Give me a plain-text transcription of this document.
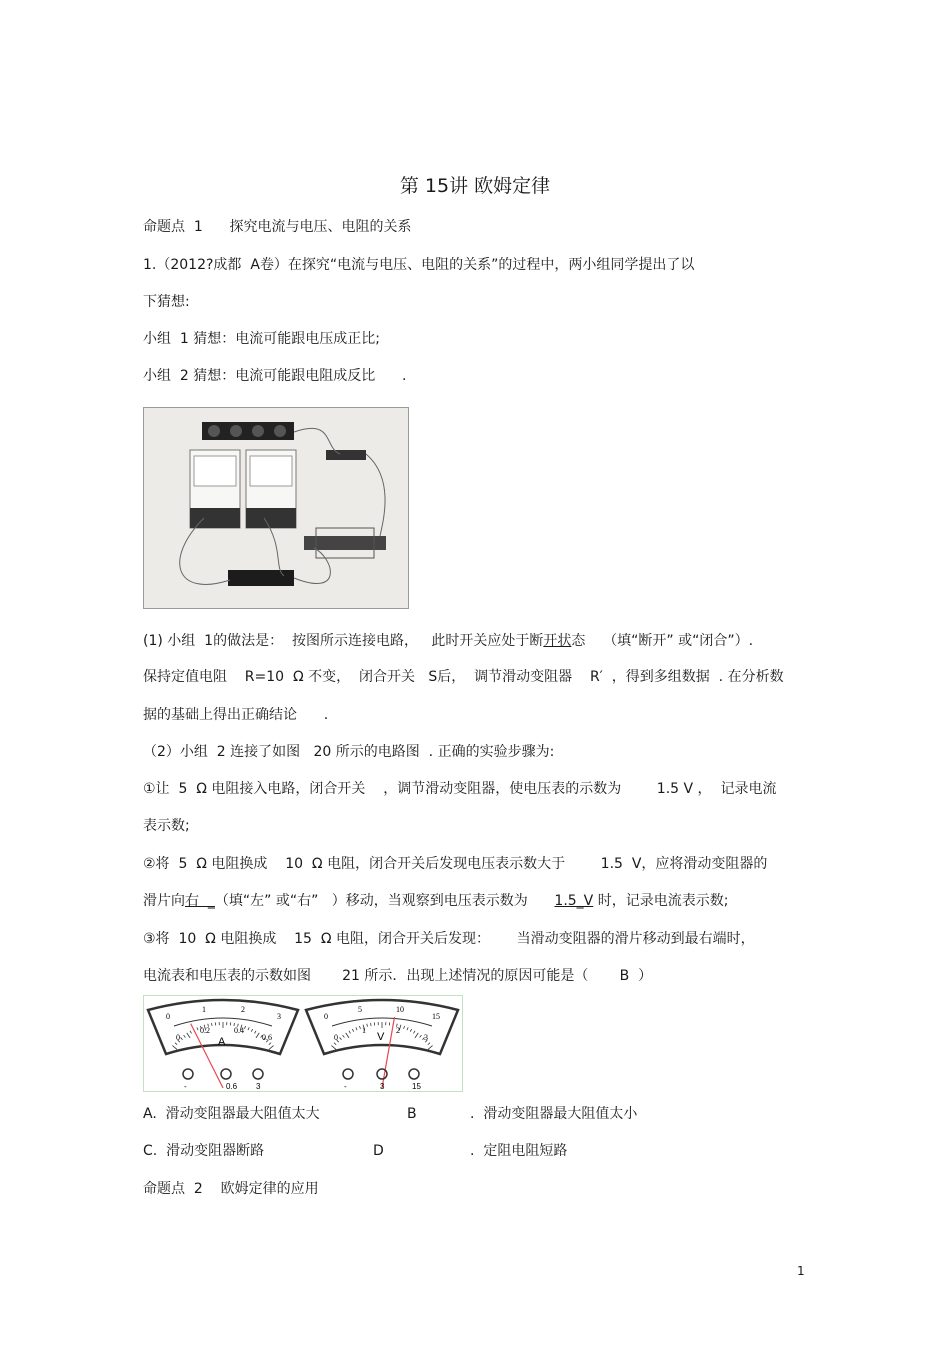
第 15讲 欧姆定律
命题点  1      探究电流与电压、电阻的关系
1.（2012?成都  A卷）在探究“电流与电压、电阻的关系”的过程中，两小组同学提出了以
下猜想:
小组  1 猜想：电流可能跟电压成正比;
小组  2 猜想：电流可能跟电阻成反比      .
(1) 小组  1的做法是：  按图所示连接电路，   此时开关应处于断开状态    （填“断开” 或“闭合”）.
保持定值电阻    R=10  Ω 不变，  闭合开关   S后，  调节滑动变阻器    R′  ，得到多组数据  . 在分析数
据的基础上得出正确结论      .
（2）小组  2 连接了如图   20 所示的电路图  . 正确的实验步骤为:
①让  5  Ω 电阻接入电路，闭合开关    ，调节滑动变阻器，使电压表的示数为        1.5 V ，  记录电流
表示数;
②将  5  Ω 电阻换成    10  Ω 电阻，闭合开关后发现电压表示数大于        1.5  V，应将滑动变阻器的
滑片向右  _（填“左” 或“右”   ）移动，当观察到电压表示数为      1.5_V 时，记录电流表示数;
③将  10  Ω 电阻换成    15  Ω 电阻，闭合开关后发现：      当滑动变阻器的滑片移动到最右端时，
电流表和电压表的示数如图       21 所示．出现上述情况的原因可能是（       B  ）
0
1	2
3
0
0.2	0.4
0.6
A
-	0.6 3
0
5	10
15
0
1	2
3
V
-	3	15
A.  滑动变阻器最大阻值太大	B	.  滑动变阻器最大阻值太小
C.  滑动变阻器断路	D	.  定阻电阻短路
命题点  2    欧姆定律的应用
1
